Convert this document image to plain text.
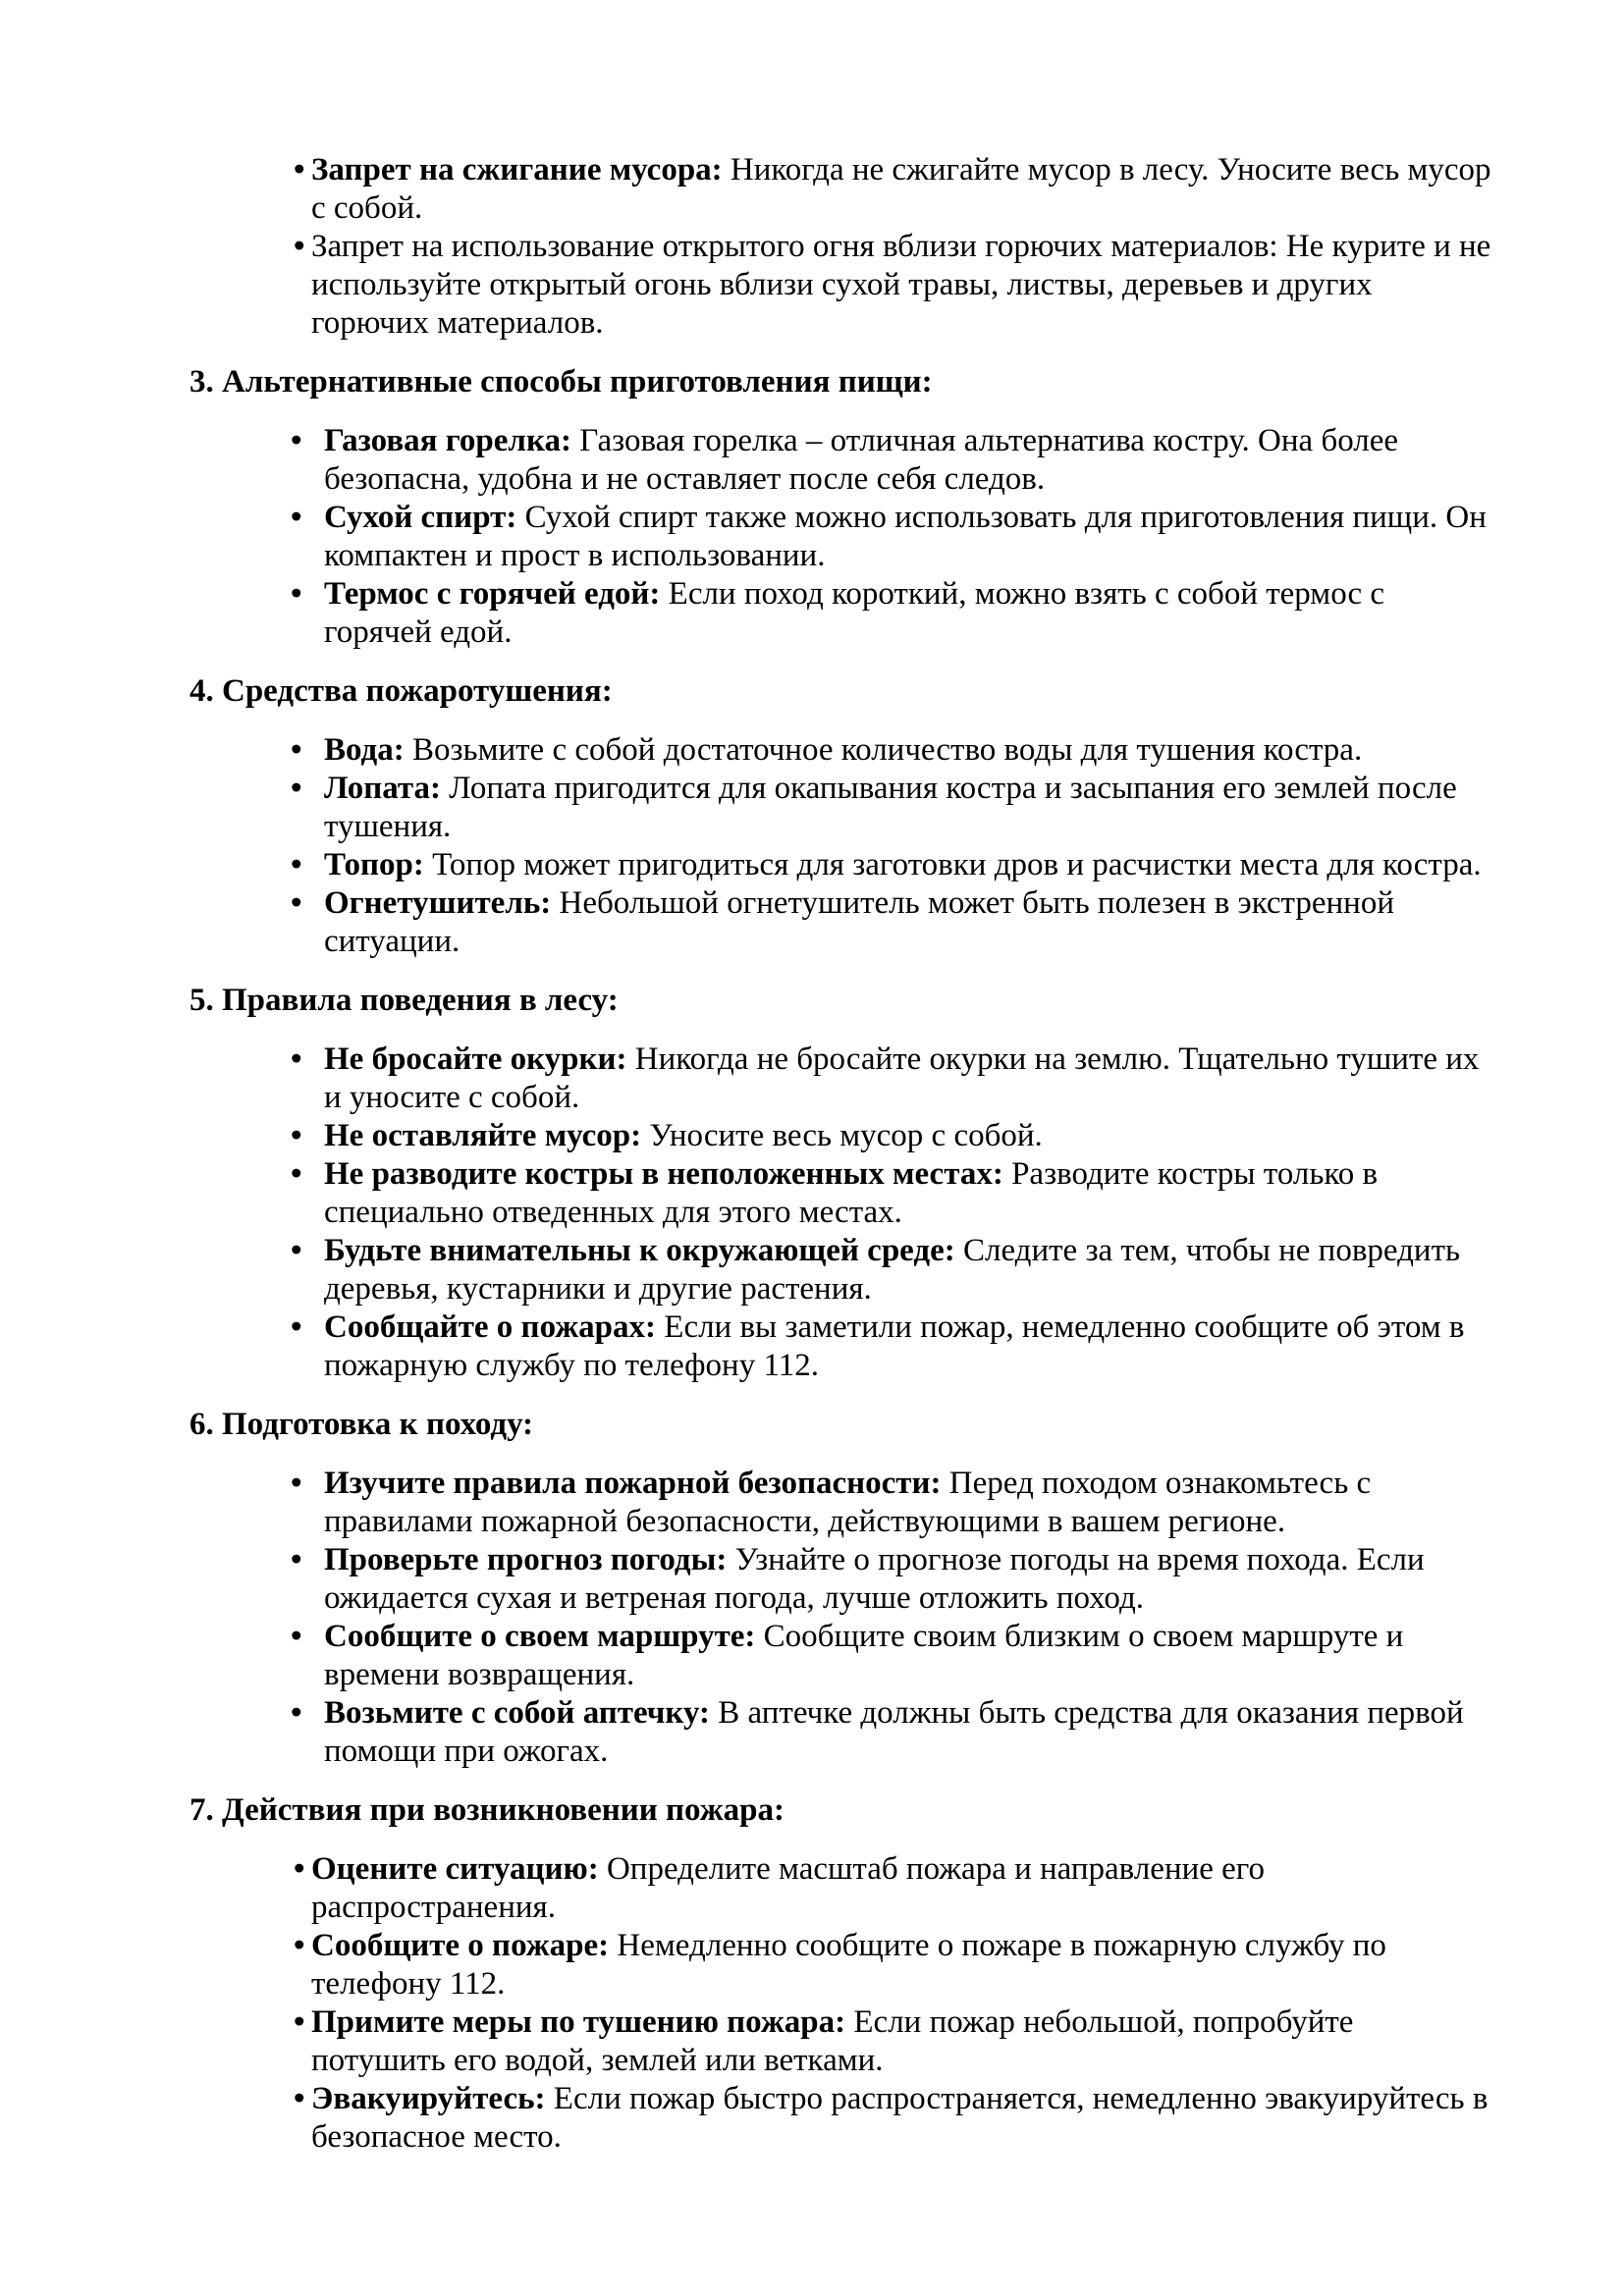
• Запрет на сжигание мусора: Никогда не сжигайте мусор в лесу. Уносите весь мусор с собой.
• Запрет на использование открытого огня вблизи горючих материалов: Не курите и не используйте открытый огонь вблизи сухой травы, листвы, деревьев и других горючих материалов.
3. Альтернативные способы приготовления пищи:
• Газовая горелка: Газовая горелка – отличная альтернатива костру. Она более безопасна, удобна и не оставляет после себя следов.
• Сухой спирт: Сухой спирт также можно использовать для приготовления пищи. Он компактен и прост в использовании.
• Термос с горячей едой: Если поход короткий, можно взять с собой термос с горячей едой.
4. Средства пожаротушения:
• Вода: Возьмите с собой достаточное количество воды для тушения костра.
• Лопата: Лопата пригодится для окапывания костра и засыпания его землей после тушения.
• Топор: Топор может пригодиться для заготовки дров и расчистки места для костра.
• Огнетушитель: Небольшой огнетушитель может быть полезен в экстренной ситуации.
5. Правила поведения в лесу:
• Не бросайте окурки: Никогда не бросайте окурки на землю. Тщательно тушите их и уносите с собой.
• Не оставляйте мусор: Уносите весь мусор с собой.
• Не разводите костры в неположенных местах: Разводите костры только в специально отведенных для этого местах.
• Будьте внимательны к окружающей среде: Следите за тем, чтобы не повредить деревья, кустарники и другие растения.
• Сообщайте о пожарах: Если вы заметили пожар, немедленно сообщите об этом в пожарную службу по телефону 112.
6. Подготовка к походу:
• Изучите правила пожарной безопасности: Перед походом ознакомьтесь с правилами пожарной безопасности, действующими в вашем регионе.
• Проверьте прогноз погоды: Узнайте о прогнозе погоды на время похода. Если ожидается сухая и ветреная погода, лучше отложить поход.
• Сообщите о своем маршруте: Сообщите своим близким о своем маршруте и времени возвращения.
• Возьмите с собой аптечку: В аптечке должны быть средства для оказания первой помощи при ожогах.
7. Действия при возникновении пожара:
• Оцените ситуацию: Определите масштаб пожара и направление его распространения.
• Сообщите о пожаре: Немедленно сообщите о пожаре в пожарную службу по телефону 112.
• Примите меры по тушению пожара: Если пожар небольшой, попробуйте потушить его водой, землей или ветками.
• Эвакуируйтесь: Если пожар быстро распространяется, немедленно эвакуируйтесь в безопасное место.
